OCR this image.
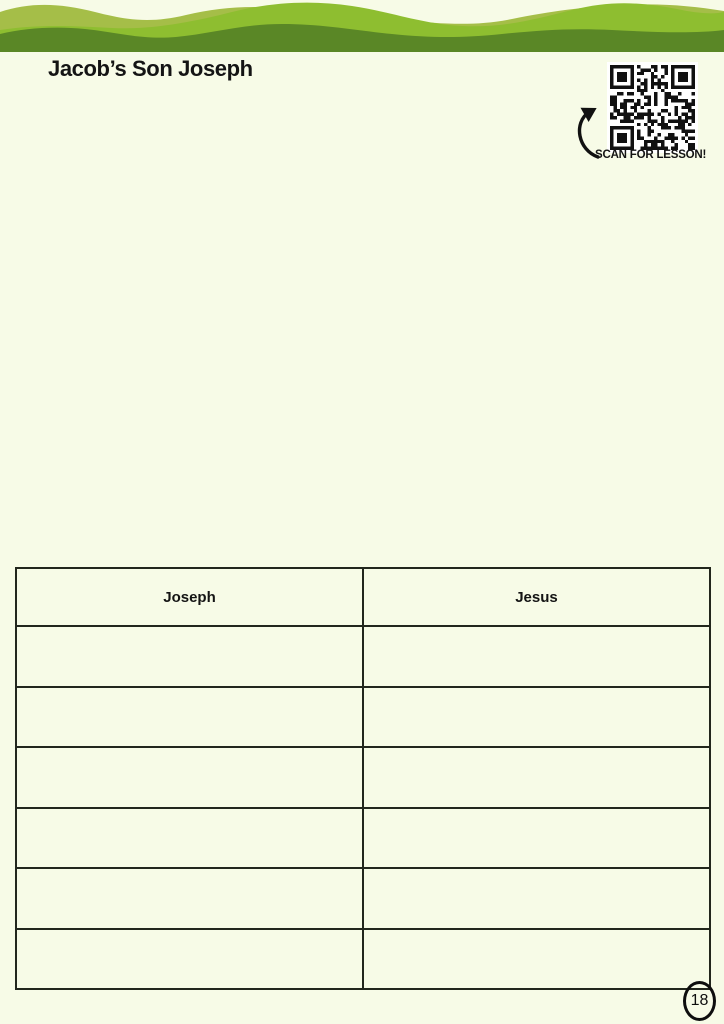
Jacob’s Son Joseph
SCAN FOR LESSON!
Joseph	Jesus

18
